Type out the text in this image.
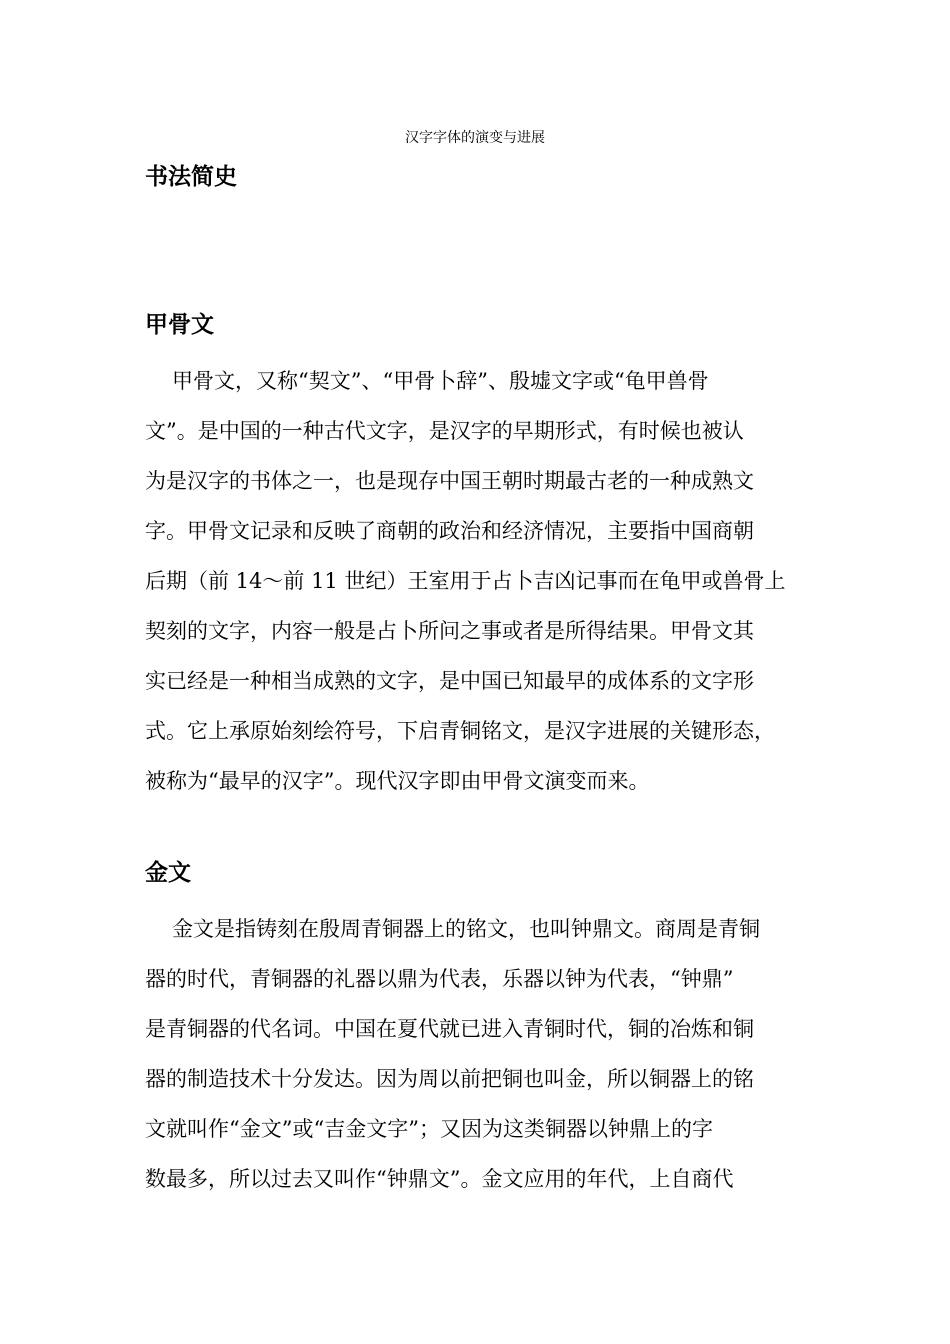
汉字字体的演变与进展
书法简史
甲骨文
甲骨文，又称“契文”、“甲骨卜辞”、殷墟文字或“龟甲兽骨
文”。是中国的一种古代文字，是汉字的早期形式，有时候也被认
为是汉字的书体之一，也是现存中国王朝时期最古老的一种成熟文
字。甲骨文记录和反映了商朝的政治和经济情况，主要指中国商朝
后期（前 14～前 11 世纪）王室用于占卜吉凶记事而在龟甲或兽骨上
契刻的文字，内容一般是占卜所问之事或者是所得结果。甲骨文其
实已经是一种相当成熟的文字，是中国已知最早的成体系的文字形
式。它上承原始刻绘符号，下启青铜铭文，是汉字进展的关键形态，
被称为“最早的汉字”。现代汉字即由甲骨文演变而来。
金文
金文是指铸刻在殷周青铜器上的铭文，也叫钟鼎文。商周是青铜
器的时代，青铜器的礼器以鼎为代表，乐器以钟为代表，“钟鼎”
是青铜器的代名词。中国在夏代就已进入青铜时代，铜的冶炼和铜
器的制造技术十分发达。因为周以前把铜也叫金，所以铜器上的铭
文就叫作“金文”或“吉金文字”；又因为这类铜器以钟鼎上的字
数最多，所以过去又叫作“钟鼎文”。金文应用的年代，上自商代
